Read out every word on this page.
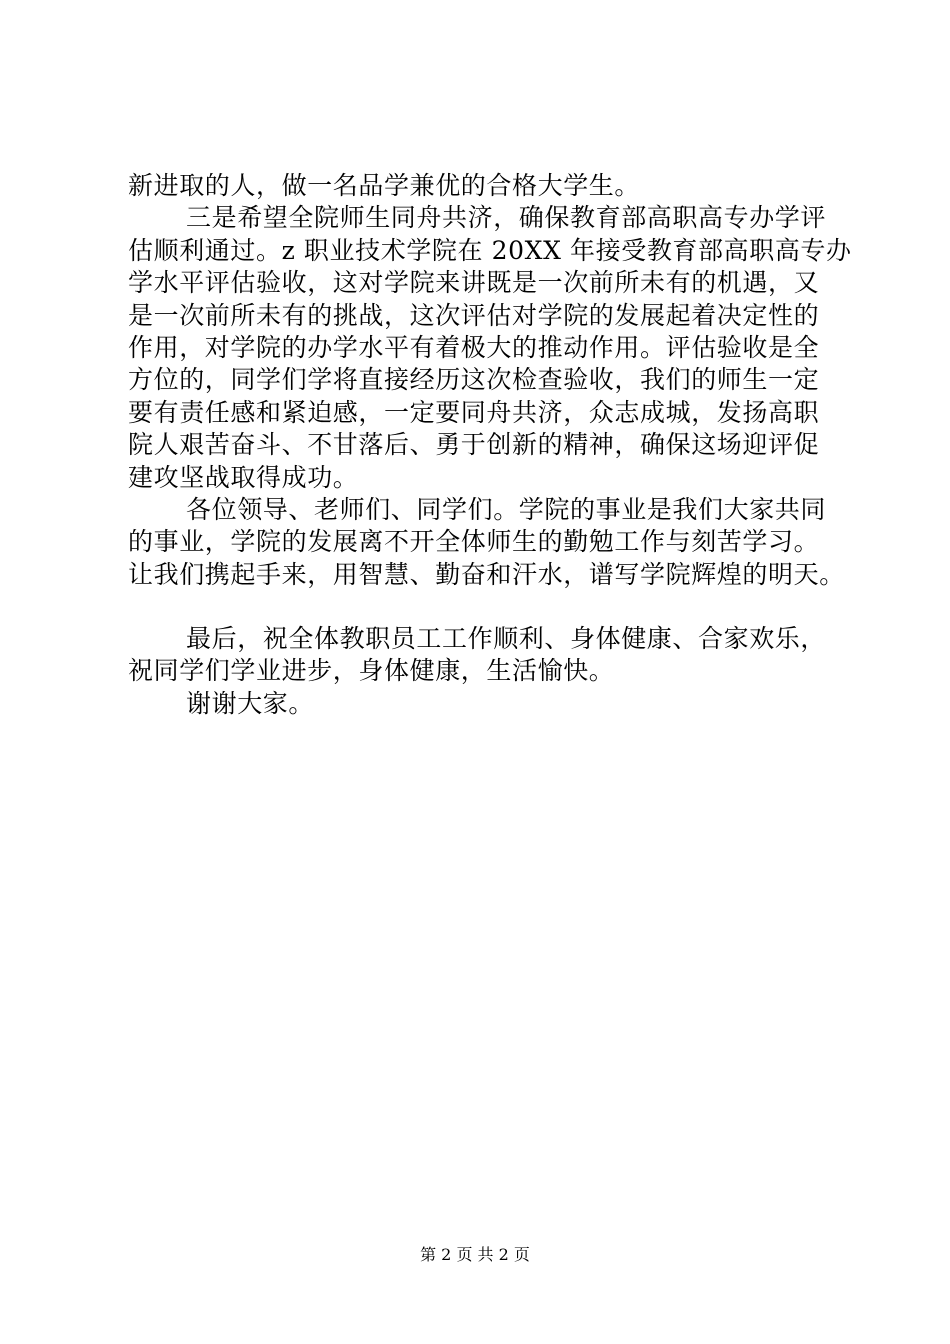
新进取的人，做一名品学兼优的合格大学生。
三是希望全院师生同舟共济，确保教育部高职高专办学评
估顺利通过。z 职业技术学院在 20XX 年接受教育部高职高专办
学水平评估验收，这对学院来讲既是一次前所未有的机遇，又
是一次前所未有的挑战，这次评估对学院的发展起着决定性的
作用，对学院的办学水平有着极大的推动作用。评估验收是全
方位的，同学们学将直接经历这次检查验收，我们的师生一定
要有责任感和紧迫感，一定要同舟共济，众志成城，发扬高职
院人艰苦奋斗、不甘落后、勇于创新的精神，确保这场迎评促
建攻坚战取得成功。
各位领导、老师们、同学们。学院的事业是我们大家共同
的事业，学院的发展离不开全体师生的勤勉工作与刻苦学习。
让我们携起手来，用智慧、勤奋和汗水，谱写学院辉煌的明天。
最后，祝全体教职员工工作顺利、身体健康、合家欢乐，
祝同学们学业进步，身体健康，生活愉快。
谢谢大家。
第 2 页 共 2 页
